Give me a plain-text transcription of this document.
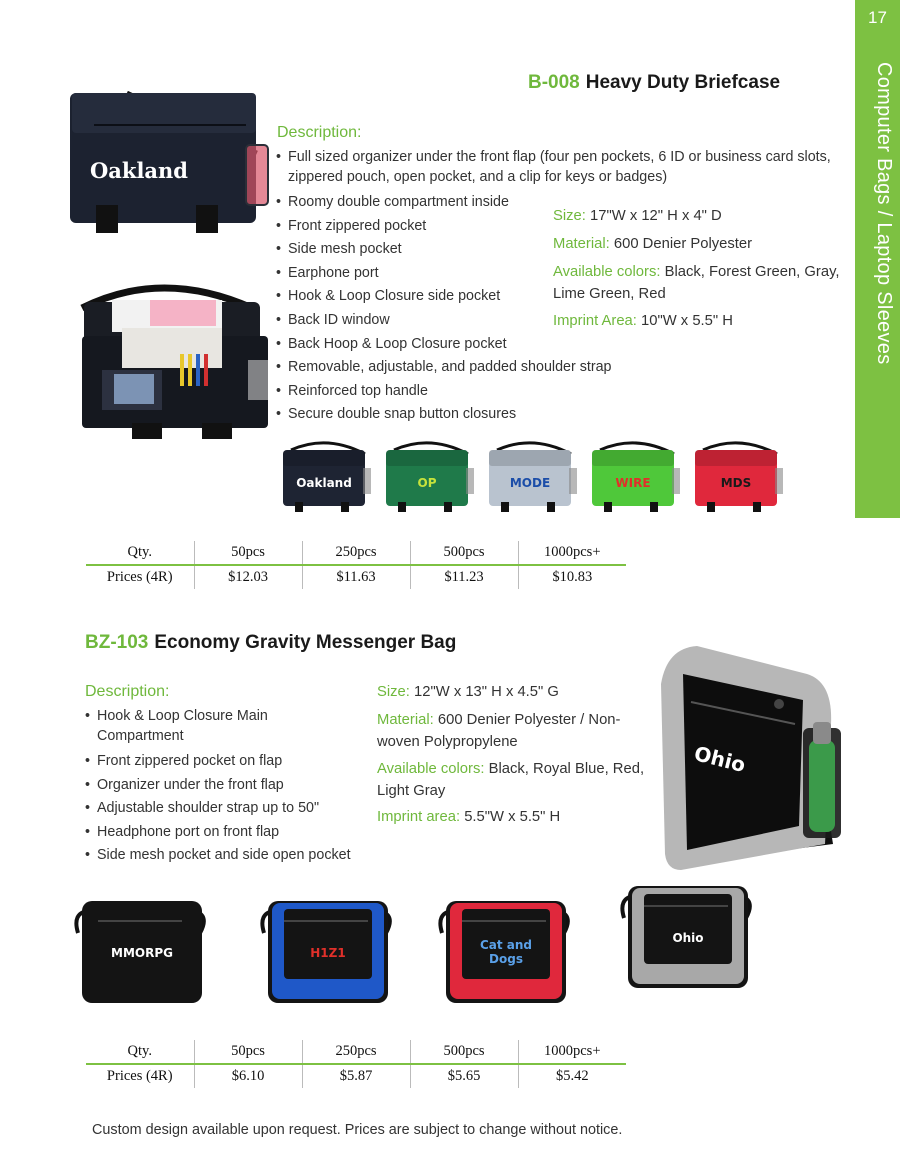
17
Computer Bags / Laptop Sleeves
B-008 Heavy Duty Briefcase
Oakland
Description:
• Full sized organizer under the front flap (four pen pockets, 6 ID or business card slots, zippered pouch, open pocket, and a clip for keys or badges)
• Roomy double compartment inside
• Front zippered pocket
• Side mesh pocket
• Earphone port
• Hook & Loop Closure side pocket
• Back ID window
• Back Hoop & Loop Closure pocket
• Removable, adjustable, and padded shoulder strap
• Reinforced top handle
• Secure double snap button closures
Size: 17"W x 12" H x 4" D
Material: 600 Denier Polyester
Available colors: Black, Forest Green, Gray, Lime Green, Red
Imprint Area: 10"W x 5.5" H
Oakland	OP	MODE	WIRE	MDS
Qty.	50pcs	250pcs	500pcs	1000pcs+
Prices (4R)	$12.03	$11.63	$11.23	$10.83
BZ-103 Economy Gravity Messenger Bag
Description:
• Hook & Loop Closure Main Compartment
• Front zippered pocket on flap
• Organizer under the front flap
• Adjustable shoulder strap up to 50"
• Headphone port on front flap
• Side mesh pocket and side open pocket
Size: 12"W x 13" H x 4.5" G
Material: 600 Denier Polyester / Non-woven Polypropylene
Available colors: Black, Royal Blue, Red, Light Gray
Imprint area: 5.5"W x 5.5" H
Ohio
MMORPG	H1Z1
Cat and
Dogs
Ohio
Qty.	50pcs	250pcs	500pcs	1000pcs+
Prices (4R)	$6.10	$5.87	$5.65	$5.42
Custom design available upon request. Prices are subject to change without notice.
